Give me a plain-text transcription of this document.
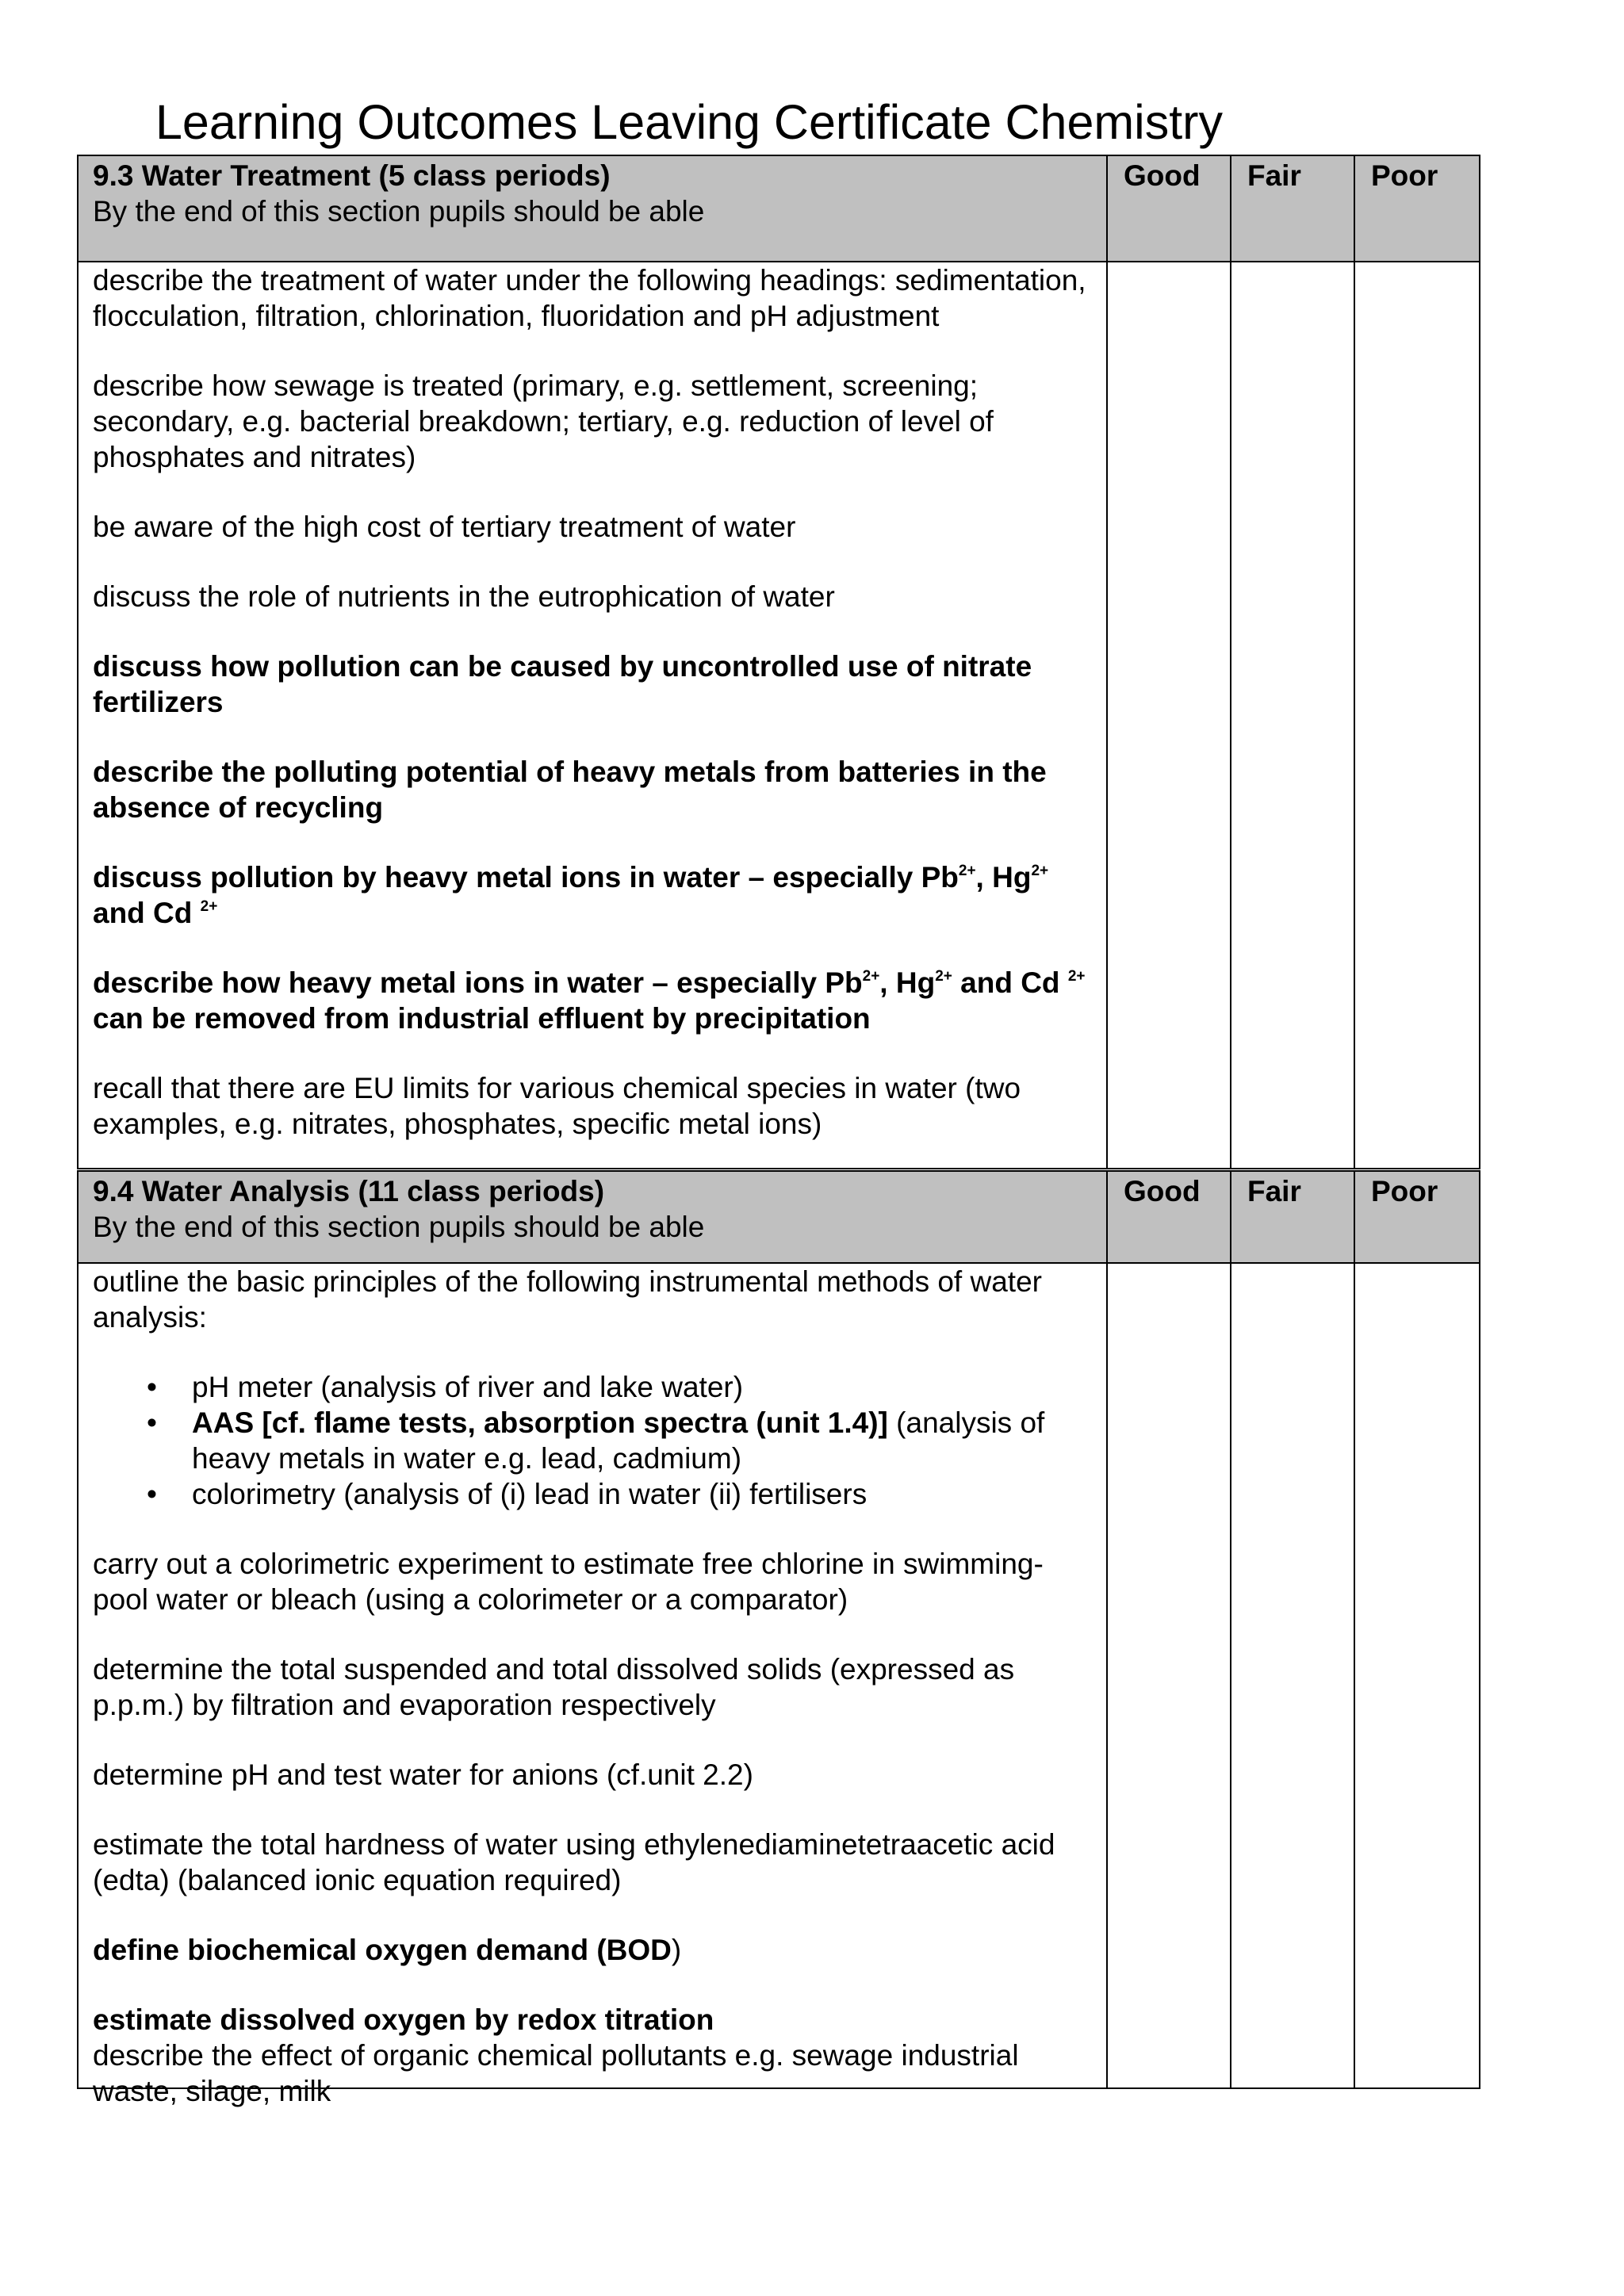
Learning Outcomes Leaving Certificate Chemistry
9.3 Water Treatment (5 class periods)
By the end of this section pupils should be able
Good	Fair	Poor

describe the treatment of water under the following headings: sedimentation, flocculation, filtration, chlorination, fluoridation and pH adjustment

describe how sewage is treated (primary, e.g. settlement, screening; secondary, e.g. bacterial breakdown; tertiary, e.g. reduction of level of phosphates and nitrates)

be aware of the high cost of tertiary treatment of water

discuss the role of nutrients in the eutrophication of water

discuss how pollution can be caused by uncontrolled use of nitrate fertilizers

describe the polluting potential of heavy metals from batteries in the absence of recycling

discuss pollution by heavy metal ions in water – especially $Pb^{2+}$, $Hg^{2+}$ and Cd $^{2+}$

describe how heavy metal ions in water – especially $Pb^{2+}$, $Hg^{2+}$ and Cd $^{2+}$ can be removed from industrial effluent by precipitation

recall that there are EU limits for various chemical species in water (two examples, e.g. nitrates, phosphates, specific metal ions)

9.4 Water Analysis (11 class periods)
By the end of this section pupils should be able
Good	Fair	Poor

outline the basic principles of the following instrumental methods of water analysis:

• pH meter (analysis of river and lake water)
• AAS [cf. flame tests, absorption spectra (unit 1.4)] (analysis of heavy metals in water e.g. lead, cadmium)
• colorimetry (analysis of (i) lead in water (ii) fertilisers

carry out a colorimetric experiment to estimate free chlorine in swimming-pool water or bleach (using a colorimeter or a comparator)

determine the total suspended and total dissolved solids (expressed as p.p.m.) by filtration and evaporation respectively

determine pH and test water for anions (cf.unit 2.2)

estimate the total hardness of water using ethylenediaminetetraacetic acid (edta) (balanced ionic equation required)

define biochemical oxygen demand (BOD)

estimate dissolved oxygen by redox titration

describe the effect of organic chemical pollutants e.g. sewage industrial waste, silage, milk
